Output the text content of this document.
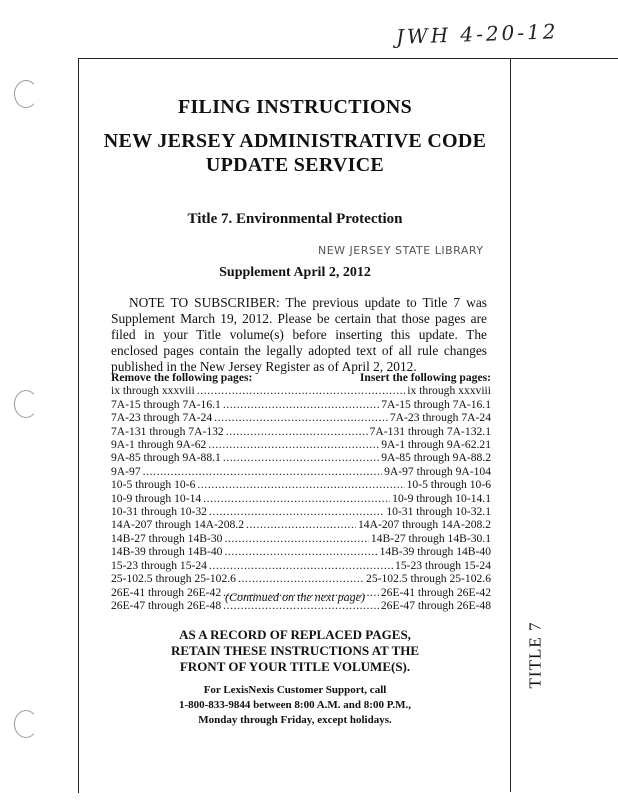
JWH 4-20-12
TITLE 7
FILING INSTRUCTIONS
NEW JERSEY ADMINISTRATIVE CODE
UPDATE SERVICE
Title 7. Environmental Protection
NEW JERSEY STATE LIBRARY
Supplement April 2, 2012

NOTE TO SUBSCRIBER: The previous update to Title 7 was Supplement March 19, 2012. Please be certain that those pages are filed in your Title volume(s) before inserting this update. The enclosed pages contain the legally adopted text of all rule changes published in the New Jersey Register as of April 2, 2012.

Remove the following pages:	Insert the following pages:
ix through xxxviii .....	ix through xxxviii
7A-15 through 7A-16.1 .....	7A-15 through 7A-16.1
7A-23 through 7A-24 .....	7A-23 through 7A-24
7A-131 through 7A-132 .....	7A-131 through 7A-132.1
9A-1 through 9A-62 .....	9A-1 through 9A-62.21
9A-85 through 9A-88.1 .....	9A-85 through 9A-88.2
9A-97 .....	9A-97 through 9A-104
10-5 through 10-6 .....	10-5 through 10-6
10-9 through 10-14 .....	10-9 through 10-14.1
10-31 through 10-32 .....	10-31 through 10-32.1
14A-207 through 14A-208.2 .....	14A-207 through 14A-208.2
14B-27 through 14B-30 .....	14B-27 through 14B-30.1
14B-39 through 14B-40 .....	14B-39 through 14B-40
15-23 through 15-24 .....	15-23 through 15-24
25-102.5 through 25-102.6 .....	25-102.5 through 25-102.6
26E-41 through 26E-42 .....	26E-41 through 26E-42
26E-47 through 26E-48 .....	26E-47 through 26E-48
(Continued on the next page)
AS A RECORD OF REPLACED PAGES,
RETAIN THESE INSTRUCTIONS AT THE
FRONT OF YOUR TITLE VOLUME(S).
For LexisNexis Customer Support, call
1-800-833-9844 between 8:00 A.M. and 8:00 P.M.,
Monday through Friday, except holidays.
